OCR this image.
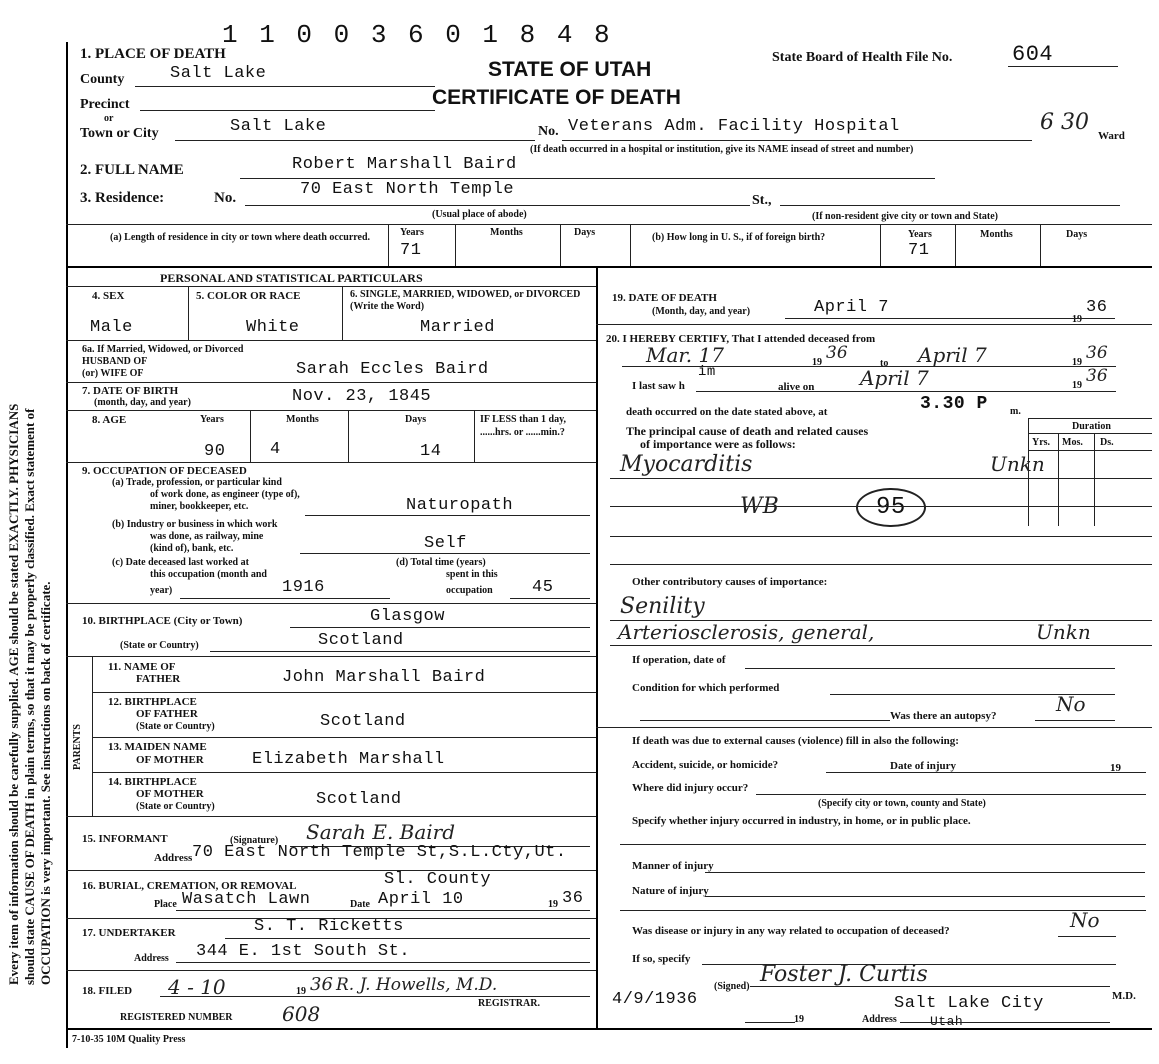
1 1 0 0 3 6 0 1 8 4 8
Every item of information should be carefully supplied. AGE should be stated EXACTLY. PHYSICIANS should state CAUSE OF DEATH in plain terms, so that it may be properly classified. Exact statement of OCCUPATION is very important. See instructions on back of certificate. PARENTS
1. PLACE OF DEATH
STATE OF UTAH
CERTIFICATE OF DEATH
State Board of Health File No.	604
County	Salt Lake
Precinct
or
Town or City	Salt Lake	No. Veterans Adm. Facility Hospital	6 30
Ward
(If death occurred in a hospital or institution, give its NAME insead of street and number)
2. FULL NAME	Robert Marshall Baird
3. Residence:	No.	70 East North Temple
St.,
(Usual place of abode)	(If non-resident give city or town and State)
(a) Length of residence in city or town where death occurred.	Years	Months	Days
71
(b) How long in U. S., if of foreign birth?	Years	Months	Days
71
PERSONAL AND STATISTICAL PARTICULARS
4. SEX	5. COLOR OR RACE	6. SINGLE, MARRIED, WIDOWED, or DIVORCED (Write the Word)
Male	White	Married
6a. If Married, Widowed, or Divorced
HUSBAND OF
(or) WIFE OF	Sarah Eccles Baird
7. DATE OF BIRTH
(month, day, and year)	Nov. 23, 1845
8. AGE	Years	Months	Days	IF LESS than 1 day, ......hrs. or ......min.?
90	4	14
9. OCCUPATION OF DECEASED
(a) Trade, profession, or particular kind
of work done, as engineer (type of),
miner, bookkeeper, etc.	Naturopath
(b) Industry or business in which work
was done, as railway, mine
(kind of), bank, etc.	Self
(c) Date deceased last worked at
this occupation (month and
year)	1916
(d) Total time (years)
spent in this
occupation 45
10. BIRTHPLACE (City or Town)	Glasgow
(State or Country)	Scotland
11. NAME OF
FATHER	John Marshall Baird
12. BIRTHPLACE
OF FATHER
(State or Country)	Scotland
13. MAIDEN NAME
OF MOTHER	Elizabeth Marshall
14. BIRTHPLACE
OF MOTHER
(State or Country)	Scotland
15. INFORMANT	(Signature) Sarah E. Baird
Address 70 East North Temple St,S.L.Cty,Ut.
16. BURIAL, CREMATION, OR REMOVAL	Sl. County
Place Wasatch Lawn	Date April 10	19 36
17. UNDERTAKER	S. T. Ricketts
Address 344 E. 1st South St.
18. FILED 4 - 10	19 36 R. J. Howells, M.D.
REGISTRAR.
REGISTERED NUMBER 608
19. DATE OF DEATH
(Month, day, and year)	April 7
19
36
20. I HEREBY CERTIFY, That I attended deceased from
Mar. 17	19 36
to April 7	19 36
I last saw h
im
alive on April 7	19 36
death occurred on the date stated above, at	3.30 P m.
The principal cause of death and related causes
of importance were as follows:
Duration
Yrs. Mos. Ds.
Myocarditis	Unkn
WB	95
Other contributory causes of importance:
Senility
Arteriosclerosis, general,	Unkn
If operation, date of
Condition for which performed
Was there an autopsy?	No
If death was due to external causes (violence) fill in also the following:
Accident, suicide, or homicide?	Date of injury	19
Where did injury occur?
(Specify city or town, county and State)
Specify whether injury occurred in industry, in home, or in public place.
Manner of injury
Nature of injury
Was disease or injury in any way related to occupation of deceased?	No
If so, specify
Foster J. Curtis
(Signed)
M.D.
4/9/1936
19	Address
Salt Lake City
Utah
7-10-35 10M Quality Press
